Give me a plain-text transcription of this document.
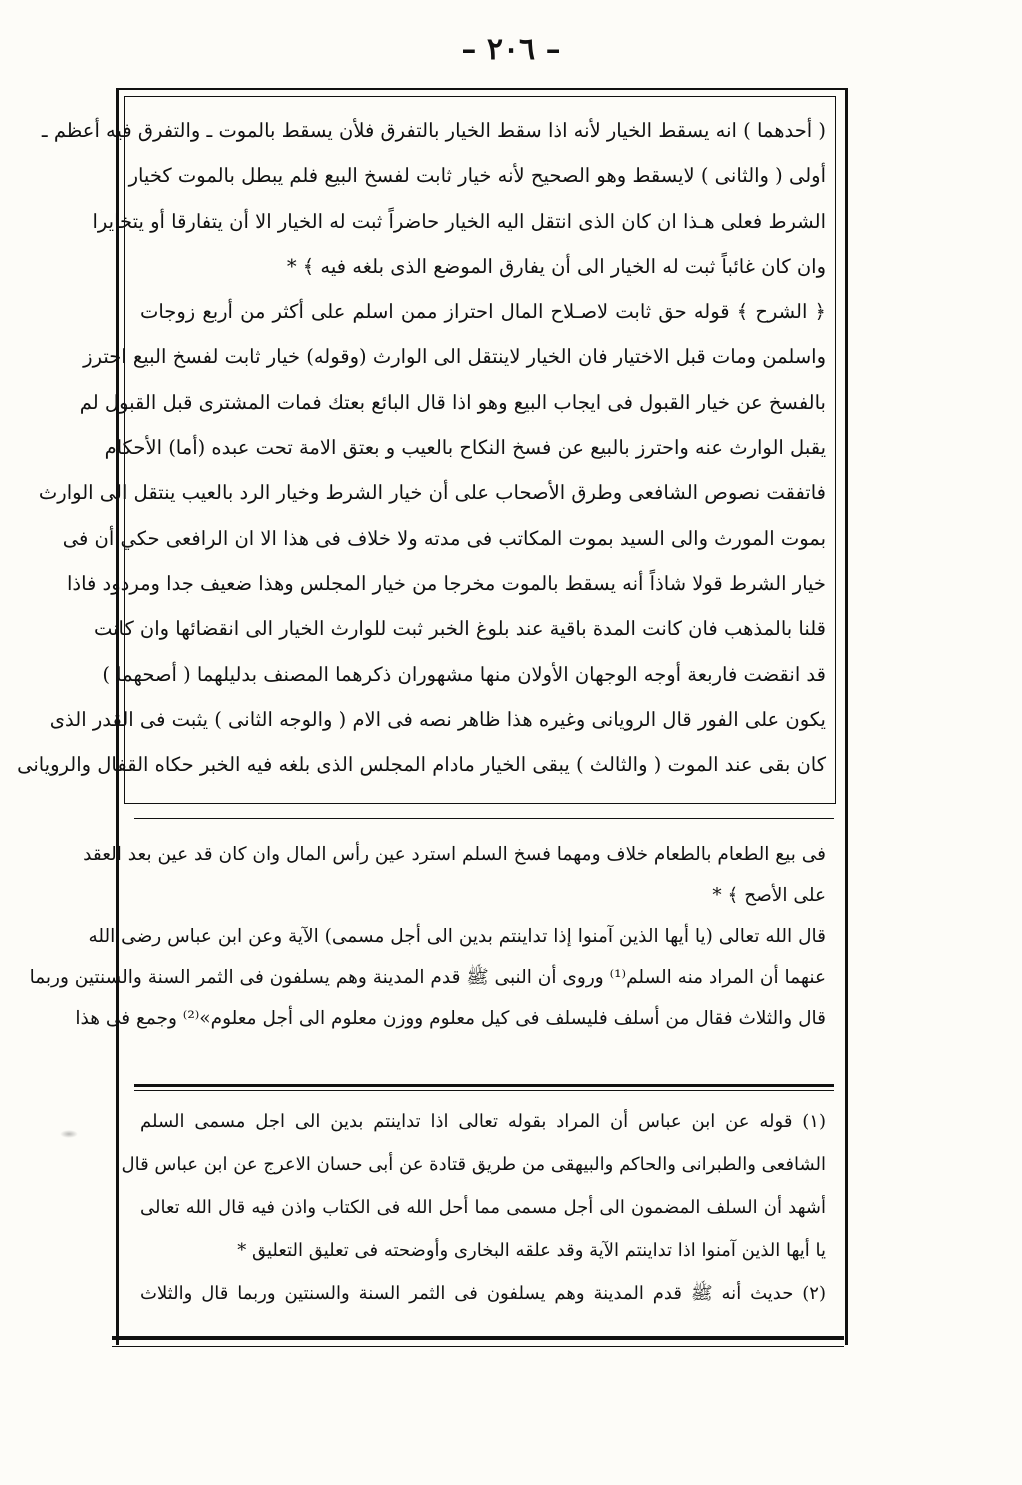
– ٢٠٦ –
( أحدهما ) انه يسقط الخيار لأنه اذا سقط الخيار بالتفرق فلأن يسقط بالموت ـ والتفرق فيه أعظم ـ
أولى ( والثانى ) لايسقط وهو الصحيح لأنه خيار ثابت لفسخ البيع فلم يبطل بالموت كخيار
الشرط فعلى هـذا ان كان الذى انتقل اليه الخيار حاضراً ثبت له الخيار الا أن يتفارقا أو يتخايرا
وان كان غائباً ثبت له الخيار الى أن يفارق الموضع الذى بلغه فيه ﴾ *
﴿ الشرح ﴾ قوله حق ثابت لاصـلاح المال احتراز ممن اسلم على أكثر من أربع زوجات
واسلمن ومات قبل الاختيار فان الخيار لاينتقل الى الوارث (وقوله) خيار ثابت لفسخ البيع احترز
بالفسخ عن خيار القبول فى ايجاب البيع وهو اذا قال البائع بعتك فمات المشترى قبل القبول لم
يقبل الوارث عنه واحترز بالبيع عن فسخ النكاح بالعيب و بعتق الامة تحت عبده (أما) الأحكام
فاتفقت نصوص الشافعى وطرق الأصحاب على أن خيار الشرط وخيار الرد بالعيب ينتقل الى الوارث
بموت المورث والى السيد بموت المكاتب فى مدته ولا خلاف فى هذا الا ان الرافعى حكي أن فى
خيار الشرط قولا شاذاً أنه يسقط بالموت مخرجا من خيار المجلس وهذا ضعيف جدا ومردود فاذا
قلنا بالمذهب فان كانت المدة باقية عند بلوغ الخبر ثبت للوارث الخيار الى انقضائها وان كانت
قد انقضت فاربعة أوجه الوجهان الأولان منها مشهوران ذكرهما المصنف بدليلهما ( أصحهما )
يكون على الفور قال الرويانى وغيره هذا ظاهر نصه فى الام ( والوجه الثانى ) يثبت فى القدر الذى
كان بقى عند الموت ( والثالث ) يبقى الخيار مادام المجلس الذى بلغه فيه الخبر حكاه القفال والرويانى
فى بيع الطعام بالطعام خلاف ومهما فسخ السلم استرد عين رأس المال وان كان قد عين بعد العقد
على الأصح ﴾ *
قال الله تعالى (يا أيها الذين آمنوا إذا تداينتم بدين الى أجل مسمى) الآية وعن ابن عباس رضى الله
عنهما أن المراد منه السلم⁽¹⁾ وروى أن النبى ﷺ قدم المدينة وهم يسلفون فى الثمر السنة والسنتين وربما
قال والثلاث فقال من أسلف فليسلف فى كيل معلوم ووزن معلوم الى أجل معلوم»⁽²⁾ وجمع فى هذا
(١) قوله عن ابن عباس أن المراد بقوله تعالى اذا تداينتم بدين الى اجل مسمى السلم
الشافعى والطبرانى والحاكم والبيهقى من طريق قتادة عن أبى حسان الاعرج عن ابن عباس قال
أشهد أن السلف المضمون الى أجل مسمى مما أحل الله فى الكتاب واذن فيه قال الله تعالى
يا أيها الذين آمنوا اذا تداينتم الآية وقد علقه البخارى وأوضحته فى تعليق التعليق *
(٢) حديث أنه ﷺ قدم المدينة وهم يسلفون فى الثمر السنة والسنتين وربما قال والثلاث
